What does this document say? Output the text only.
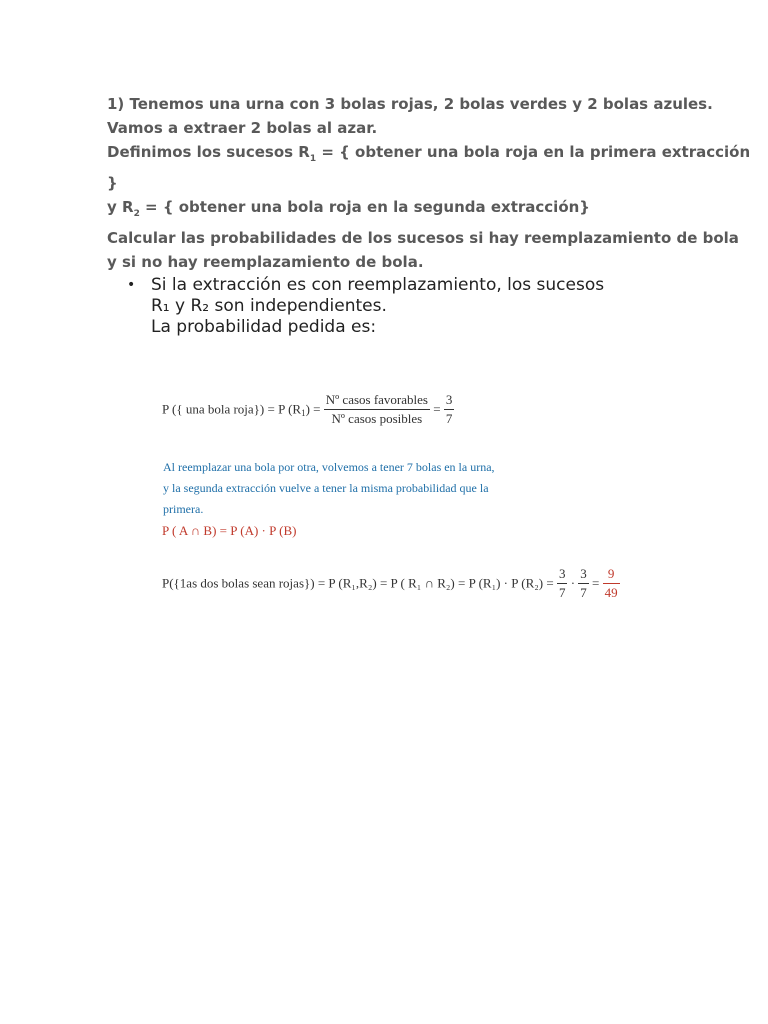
1) Tenemos una urna con 3 bolas rojas, 2 bolas verdes y 2 bolas azules.
Vamos a extraer 2 bolas al azar.
Definimos los sucesos $R_1$ = { obtener una bola roja en la primera extracción
}
y $R_2$ = { obtener una bola roja en la segunda extracción}
Calcular las probabilidades de los sucesos si hay reemplazamiento de bola
y si no hay reemplazamiento de bola.
• Si la extracción es con reemplazamiento, los sucesos
R₁ y R₂ son independientes.
La probabilidad pedida es:
P ({ una bola roja}) = P $(R_1) = \frac{\text{Nº casos favorables}}{\text{Nº casos posibles}} = \frac{3}{7}$
Al reemplazar una bola por otra, volvemos a tener 7 bolas en la urna,
y la segunda extracción vuelve a tener la misma probabilidad que la
primera.
P ( A ∩ B) = P (A) · P (B)
P({1as dos bolas sean rojas}) = P (R₁,R₂) = P ( R₁ ∩ R₂) = P (R₁) · P $(R_2) = \frac{3}{7} \cdot \frac{3}{7} = \frac{9}{49}$
